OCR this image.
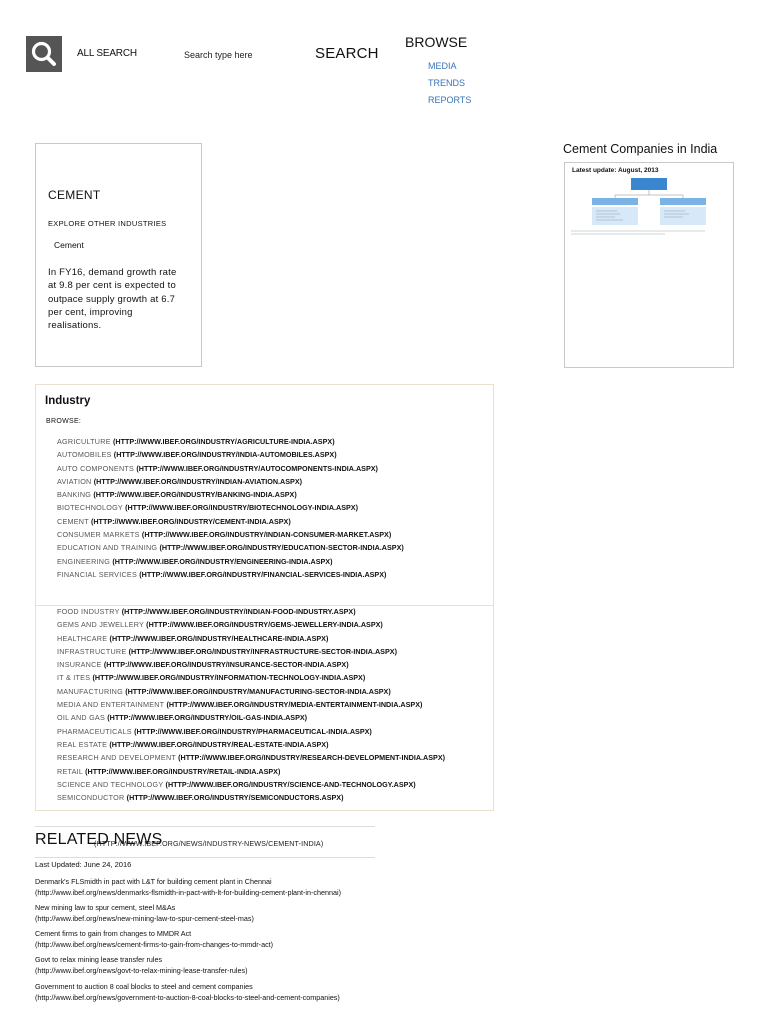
ALL SEARCH
Search type here	SEARCH
BROWSE
MEDIA
TRENDS
REPORTS
CEMENT
EXPLORE OTHER INDUSTRIES
Cement
In FY16, demand growth rate at 9.8 per cent is expected to outpace supply growth at 6.7 per cent, improving realisations.
Cement Companies in India
Latest update: August, 2013
Industry
BROWSE:
AGRICULTURE (HTTP://WWW.IBEF.ORG/INDUSTRY/AGRICULTURE-INDIA.ASPX)
AUTOMOBILES (HTTP://WWW.IBEF.ORG/INDUSTRY/INDIA-AUTOMOBILES.ASPX)
AUTO COMPONENTS (HTTP://WWW.IBEF.ORG/INDUSTRY/AUTOCOMPONENTS-INDIA.ASPX)
AVIATION (HTTP://WWW.IBEF.ORG/INDUSTRY/INDIAN-AVIATION.ASPX)
BANKING (HTTP://WWW.IBEF.ORG/INDUSTRY/BANKING-INDIA.ASPX)
BIOTECHNOLOGY (HTTP://WWW.IBEF.ORG/INDUSTRY/BIOTECHNOLOGY-INDIA.ASPX)
CEMENT (HTTP://WWW.IBEF.ORG/INDUSTRY/CEMENT-INDIA.ASPX)
CONSUMER MARKETS (HTTP://WWW.IBEF.ORG/INDUSTRY/INDIAN-CONSUMER-MARKET.ASPX)
EDUCATION AND TRAINING (HTTP://WWW.IBEF.ORG/INDUSTRY/EDUCATION-SECTOR-INDIA.ASPX)
ENGINEERING (HTTP://WWW.IBEF.ORG/INDUSTRY/ENGINEERING-INDIA.ASPX)
FINANCIAL SERVICES (HTTP://WWW.IBEF.ORG/INDUSTRY/FINANCIAL-SERVICES-INDIA.ASPX)
FOOD INDUSTRY (HTTP://WWW.IBEF.ORG/INDUSTRY/INDIAN-FOOD-INDUSTRY.ASPX)
GEMS AND JEWELLERY (HTTP://WWW.IBEF.ORG/INDUSTRY/GEMS-JEWELLERY-INDIA.ASPX)
HEALTHCARE (HTTP://WWW.IBEF.ORG/INDUSTRY/HEALTHCARE-INDIA.ASPX)
INFRASTRUCTURE (HTTP://WWW.IBEF.ORG/INDUSTRY/INFRASTRUCTURE-SECTOR-INDIA.ASPX)
INSURANCE (HTTP://WWW.IBEF.ORG/INDUSTRY/INSURANCE-SECTOR-INDIA.ASPX)
IT & ITES (HTTP://WWW.IBEF.ORG/INDUSTRY/INFORMATION-TECHNOLOGY-INDIA.ASPX)
MANUFACTURING (HTTP://WWW.IBEF.ORG/INDUSTRY/MANUFACTURING-SECTOR-INDIA.ASPX)
MEDIA AND ENTERTAINMENT (HTTP://WWW.IBEF.ORG/INDUSTRY/MEDIA-ENTERTAINMENT-INDIA.ASPX)
OIL AND GAS (HTTP://WWW.IBEF.ORG/INDUSTRY/OIL-GAS-INDIA.ASPX)
PHARMACEUTICALS (HTTP://WWW.IBEF.ORG/INDUSTRY/PHARMACEUTICAL-INDIA.ASPX)
REAL ESTATE (HTTP://WWW.IBEF.ORG/INDUSTRY/REAL-ESTATE-INDIA.ASPX)
RESEARCH AND DEVELOPMENT (HTTP://WWW.IBEF.ORG/INDUSTRY/RESEARCH-DEVELOPMENT-INDIA.ASPX)
RETAIL (HTTP://WWW.IBEF.ORG/INDUSTRY/RETAIL-INDIA.ASPX)
SCIENCE AND TECHNOLOGY (HTTP://WWW.IBEF.ORG/INDUSTRY/SCIENCE-AND-TECHNOLOGY.ASPX)
SEMICONDUCTOR (HTTP://WWW.IBEF.ORG/INDUSTRY/SEMICONDUCTORS.ASPX)
(HTTP://WWW.IBEF.ORG/NEWS/INDUSTRY-NEWS/CEMENT-INDIA)
RELATED NEWS
Last Updated: June 24, 2016
Denmark's FLSmidth in pact with L&T for building cement plant in Chennai
(http://www.ibef.org/news/denmarks-flsmidth-in-pact-with-lt-for-building-cement-plant-in-chennai)
New mining law to spur cement, steel M&As
(http://www.ibef.org/news/new-mining-law-to-spur-cement-steel-mas)
Cement firms to gain from changes to MMDR Act
(http://www.ibef.org/news/cement-firms-to-gain-from-changes-to-mmdr-act)
Govt to relax mining lease transfer rules
(http://www.ibef.org/news/govt-to-relax-mining-lease-transfer-rules)
Government to auction 8 coal blocks to steel and cement companies
(http://www.ibef.org/news/government-to-auction-8-coal-blocks-to-steel-and-cement-companies)
